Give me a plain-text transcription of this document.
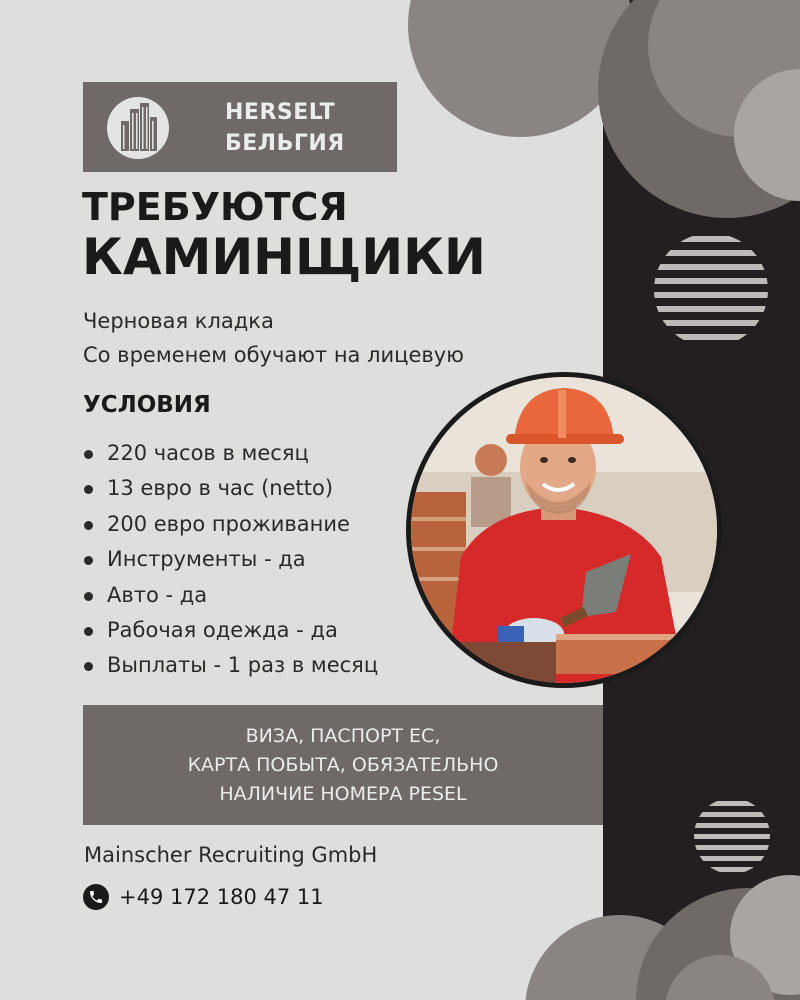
HERSELT
БЕЛЬГИЯ
ТРЕБУЮТСЯ
КАМИНЩИКИ
Черновая кладка
Со временем обучают на лицевую
УСЛОВИЯ
220 часов в месяц
13 евро в час (netto)
200 евро проживание
Инструменты - да
Авто - да
Рабочая одежда - да
Выплаты - 1 раз в месяц
ВИЗА, ПАСПОРТ ЕС,
КАРТА ПОБЫТА, ОБЯЗАТЕЛЬНО
НАЛИЧИЕ НОМЕРА PESEL
Mainscher Recruiting GmbH
+49 172 180 47 11
